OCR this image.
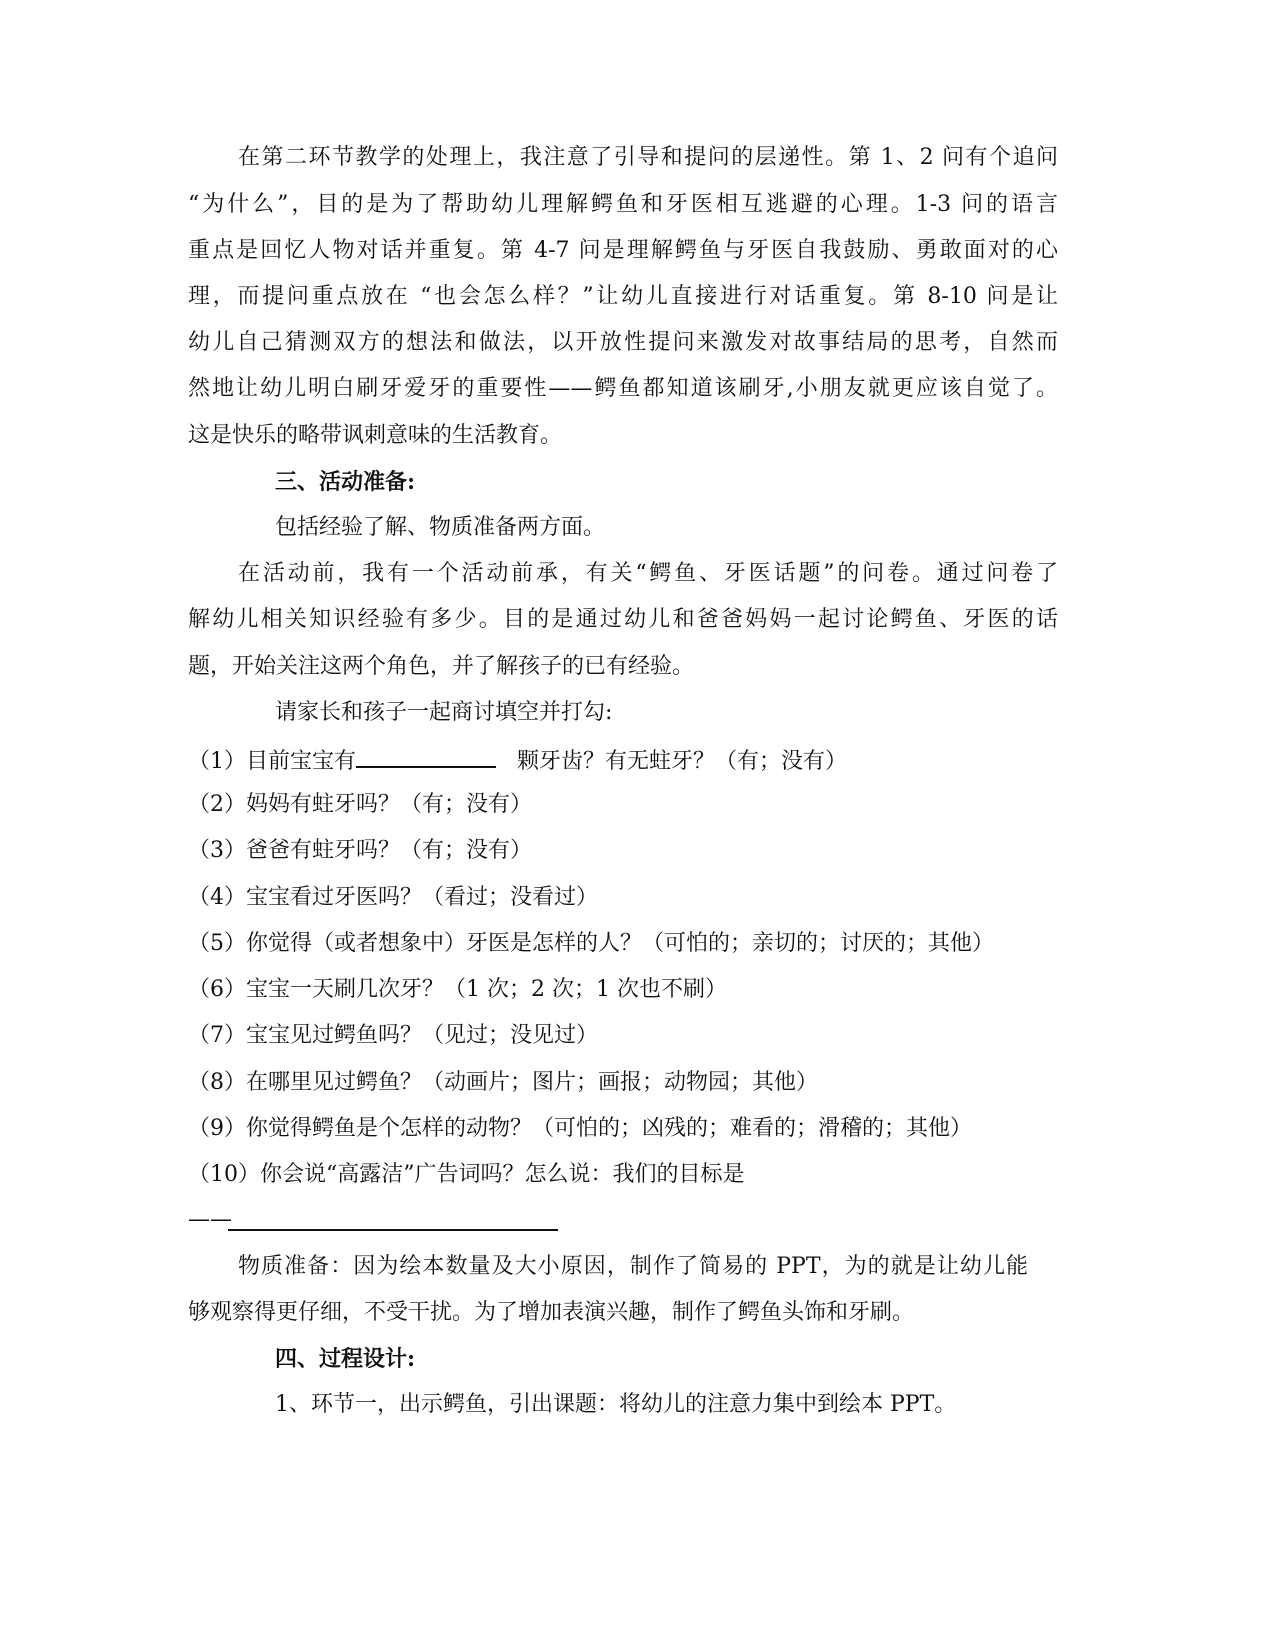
在第二环节教学的处理上，我注意了引导和提问的层递性。第 1、2 问有个追问
“为什么”，目的是为了帮助幼儿理解鳄鱼和牙医相互逃避的心理。1-3 问的语言
重点是回忆人物对话并重复。第 4-7 问是理解鳄鱼与牙医自我鼓励、勇敢面对的心
理，而提问重点放在 “也会怎么样？”让幼儿直接进行对话重复。第 8-10 问是让
幼儿自己猜测双方的想法和做法，以开放性提问来激发对故事结局的思考，自然而
然地让幼儿明白刷牙爱牙的重要性——鳄鱼都知道该刷牙,小朋友就更应该自觉了。
这是快乐的略带讽刺意味的生活教育。
三、活动准备:
包括经验了解、物质准备两方面。
在活动前，我有一个活动前承，有关“鳄鱼、牙医话题”的问卷。通过问卷了
解幼儿相关知识经验有多少。目的是通过幼儿和爸爸妈妈一起讨论鳄鱼、牙医的话
题，开始关注这两个角色，并了解孩子的已有经验。
请家长和孩子一起商讨填空并打勾:
（1）目前宝宝有	颗牙齿？有无蛀牙？（有；没有）
（2）妈妈有蛀牙吗？（有；没有）
（3）爸爸有蛀牙吗？（有；没有）
（4）宝宝看过牙医吗？（看过；没看过）
（5）你觉得（或者想象中）牙医是怎样的人？（可怕的；亲切的；讨厌的；其他）
（6）宝宝一天刷几次牙？（1 次；2 次；1 次也不刷）
（7）宝宝见过鳄鱼吗？（见过；没见过）
（8）在哪里见过鳄鱼？（动画片；图片；画报；动物园；其他）
（9）你觉得鳄鱼是个怎样的动物？（可怕的；凶残的；难看的；滑稽的；其他）
（10）你会说“高露洁”广告词吗？怎么说：我们的目标是
——
物质准备：因为绘本数量及大小原因，制作了简易的 PPT，为的就是让幼儿能
够观察得更仔细，不受干扰。为了增加表演兴趣，制作了鳄鱼头饰和牙刷。
四、过程设计:
1、环节一，出示鳄鱼，引出课题：将幼儿的注意力集中到绘本 PPT。
